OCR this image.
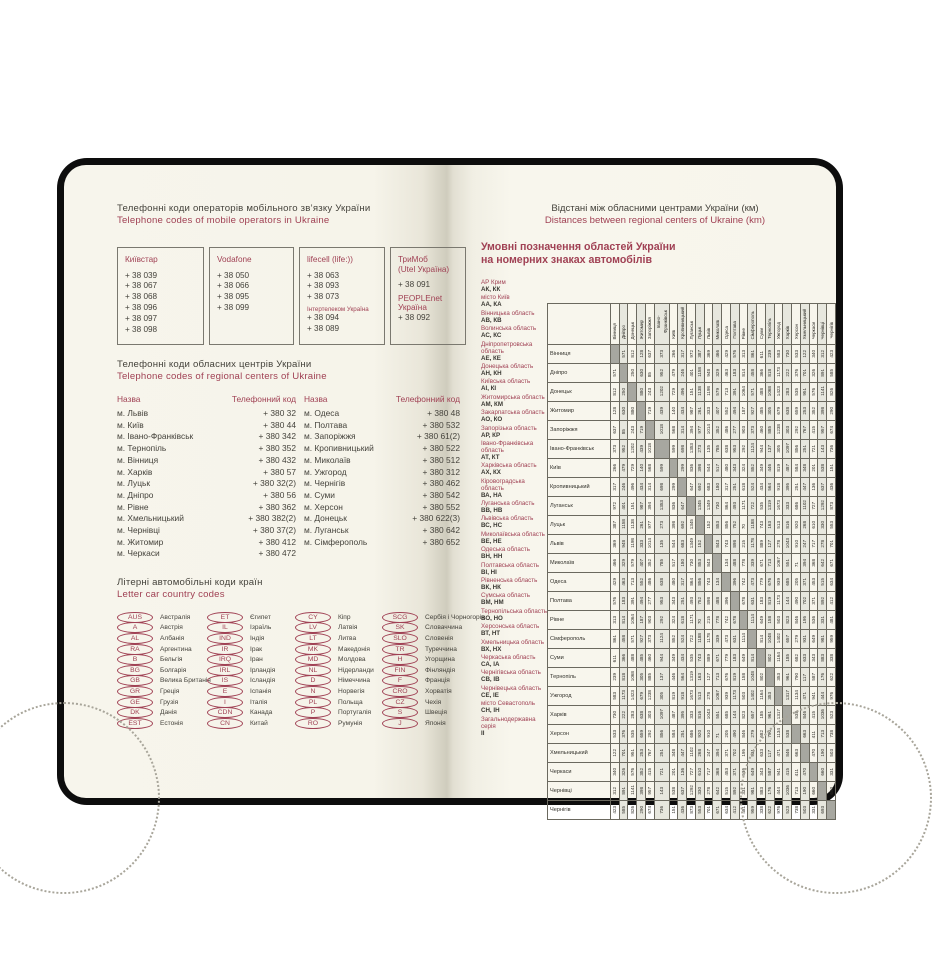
Телефонні коди операторів мобільного зв’язку України
Telephone codes of mobile operators in Ukraine
Київстар
+ 38 039
+ 38 067
+ 38 068
+ 38 096
+ 38 097
+ 38 098
Vodafone
+ 38 050
+ 38 066
+ 38 095
+ 38 099
lifecell (life:))
+ 38 063
+ 38 093
+ 38 073
Інтертелеком Україна
+ 38 094
+ 38 089
ТриМоб
(Utel Україна)
+ 38 091
PEOPLEnet
Україна
+ 38 092
Телефонні коди обласних центрів України
Telephone codes of regional centers of Ukraine
Назва	Телефонний код Назва	Телефонний код
м. Львів	+ 380 32
м. Київ	+ 380 44
м. Івано-Франківськ	+ 380 342
м. Тернопіль	+ 380 352
м. Вінниця	+ 380 432
м. Харків	+ 380 57
м. Луцьк	+ 380 32(2)
м. Дніпро	+ 380 56
м. Рівне	+ 380 362
м. Хмельницький	+ 380 382(2)
м. Чернівці	+ 380 37(2)
м. Житомир	+ 380 412
м. Черкаси	+ 380 472
м. Одеса	+ 380 48
м. Полтава	+ 380 532
м. Запоріжжя	+ 380 61(2)
м. Кропивницький	+ 380 522
м. Миколаїв	+ 380 512
м. Ужгород	+ 380 312
м. Чернігів	+ 380 462
м. Суми	+ 380 542
м. Херсон	+ 380 552
м. Донецьк	+ 380 622(3)
м. Луганськ	+ 380 642
м. Сімферополь	+ 380 652
Літерні автомобільні коди країн
Letter car country codes
AUS	Австралія
A	Австрія
AL	Албанія
RA	Аргентина
B	Бельгія
BG	Болгарія
GB	Велика Британія
GR	Греція
GE	Грузія
DK	Данія
EST	Естонія
ET	Єгипет
IL	Ізраїль
IND	Індія
IR	Ірак
IRQ	Іран
IRL	Ірландія
IS	Ісландія
E	Іспанія
I	Італія
CDN	Канада
CN	Китай
CY	Кіпр
LV	Латвія
LT	Литва
MK	Македонія
MD	Молдова
NL	Нідерланди
D	Німеччина
N	Норвегія
PL	Польща
P	Португалія
RO	Румунія
SCG	Сербія і Чорногорія
SK	Словаччина
SLO	Словенія
TR	Туреччина
H	Угорщина
FIN	Фінляндія
F	Франція
CRO	Хорватія
CZ	Чехія
S	Швеція
J	Японія
Відстані між обласними центрами України (км)
Distances between regional centers of Ukraine (km)
Умовні позначення областей України
на номерних знаках автомобілів
АР Крим
АК, КК
місто Київ
АА, КА
Вінницька область
АВ, КВ
Волинська область
АС, КС
Дніпропетровська область
АЕ, КЕ
Донецька область
АН, КН
Київська область
АІ, КІ
Житомирська область
АМ, КМ
Закарпатська область
АО, КО
Запорізька область
АР, КР
Івано-Франківська область
АТ, КТ
Харківська область
АХ, КХ
Кіровоградська область
ВА, НА
Луганська область
ВВ, НВ
Львівська область
ВС, НС
Миколаївська область
ВЕ, НЕ
Одеська область
ВН, НН
Полтавська область
ВІ, НІ
Рівненська область
ВК, НК
Сумська область
ВМ, НМ
Тернопільська область
ВО, НО
Херсонська область
ВТ, НТ
Хмельницька область
ВХ, НХ
Черкаська область
СА, ІА
Чернігівська область
СВ, ІВ
Чернівецька область
СЕ, ІЕ
місто Севастополь
СН, ІН
Загальнодержавна серія
ІІ
	Вінниця	Дніпро	Донецьк	Житомир	Запоріжжя	Івано-Франківськ	Київ	Кропивницький	Луганськ	Луцьк	Львів	Миколаїв	Одеса	Полтава	Рівне	Сімферополь	Суми	Тернопіль	Ужгород	Харків	Херсон	Хмельницький	Черкаси	Чернівці	Чернігів
Вінниця		571	812	128	637	373	266	317	972	387	369	466	429	576	313	861	611	239	583	730	533	122	340	312	423
Дніпро	571		250	630	85	952	479	246	401	1158	948	329	463	183	814	458	366	818	1173	222	376	701	326	891	585
Донецьк	812	250		880	243	1202	729	496	151	1138	1198	579	713	391	1064	571	488	1068	1423	283	535	951	576	1141	826
Житомир	128	630	880		719	439	140	434	987	261	333	407	552	494	187	927	485	305	679	638	659	253	352	398	290
Запоріжжя	637	85	243	719		1018	568	314	394	977	1014	352	486	277	903	373	460	885	1238	303	292	767	415	957	674
Івано-Франківськ	373	952	1202	439	1018		599	698	1353	273	135	785	638	953	292	1124	944	137	305	1097	856	251	721	143	736
Київ	266	479	729	140	568	599		299	836	398	544	517	480	343	324	852	349	446	819	487	584	348	201	538	151
Кропивницький	317	246	496	434	314	698	299		647	692	683	180	317	251	618	524	434	564	918	395	251	447	136	637	436
Луганськ	972	401	151	987	394	1353	836	647		1345	1349	730	864	493	1171	722	535	1319	1673	333	686	1102	727	1292	873
Луцьк	387	1158	1138	261	977	273	398	692	1345		152	853	856	752	70	1188	743	163	513	816	920	268	610	330	553
Львів	369	948	1198	333	1014	135	544	683	1349	152		843	743	898	215	1178	889	127	278	1043	910	247	717	278	701
Миколаїв	466	329	579	407	352	785	517	180	730	853	843		134	488	778	339	671	713	1067	551	71	394	368	642	671
Одеса	429	463	713	552	486	638	480	317	864	856	743	134		396	742	473	779	676	939	685	205	371	453	515	634
Полтава	576	183	391	494	277	953	343	251	493	752	898	488	396		678	631	183	819	1173	144	490	702	371	892	412
Рівне	313	814	1064	187	903	292	324	618	1171	70	215	778	742	678		1114	649	158	503	823	846	195	536	331	481
Сімферополь	861	458	571	927	373	1124	852	524	722	1188	1178	339	473	631	1114		814	1048	1402	657	279	931	649	981	959
Суми	611	366	488	485	460	944	349	434	535	743	889	671	779	183	649	814		802	1164	185	682	633	343	883	338
Тернопіль	239	818	1068	305	885	137	446	564	1319	163	127	713	676	819	158	1048	802		353	961	790	117	587	176	622
Ужгород	583	1173	1423	679	1238	305	819	918	1673	513	278	1067	939	1173	503	1402	1164	353		1317	1134	471	941	444	976
Харків	730	222	283	638	303	1097	487	395	333	816	1043	551	685	144	823	657	185	961	1317		538	846	415	1036	523
Херсон	533	376	535	659	292	856	584	251	686	920	910	71	205	490	846	279	682	790	1134	538		663	411	713	738
Хмельницький	122	701	951	253	767	251	348	447	1102	268	247	394	371	702	195	931	633	117	471	846	663		470	190	503
Черкаси	340	326	576	352	415	721	201	136	727	610	717	368	453	371	536	649	343	587	941	415	411	470		660	331
Чернівці	312	891	1141	398	957	143	538	637	1292	330	278	642	515	892	331	981	883	176	444	1036	713	190	660		693
Чернігів	423	585	826	290	674	736	151	436	873	553	701	671	634	412	481	959	338	622	976	523	738	503	331	693	
